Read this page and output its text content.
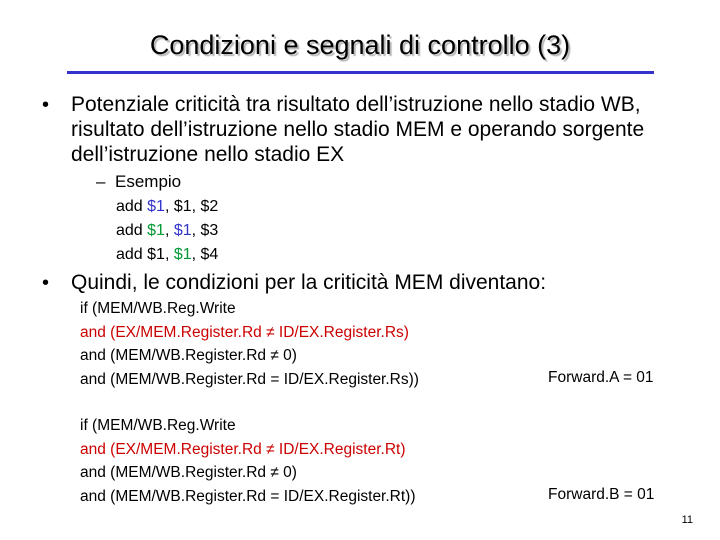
Condizioni e segnali di controllo (3)
• Potenziale criticità tra risultato dell’istruzione nello stadio WB, risultato dell’istruzione nello stadio MEM e operando sorgente dell’istruzione nello stadio EX
– Esempio
add $1, $1, $2
add $1, $1, $3
add $1, $1, $4
• Quindi, le condizioni per la criticità MEM diventano:
if (MEM/WB.Reg.Write
and (EX/MEM.Register.Rd ≠ ID/EX.Register.Rs)
and (MEM/WB.Register.Rd ≠ 0)
and (MEM/WB.Register.Rd = ID/EX.Register.Rs))	Forward.A = 01
if (MEM/WB.Reg.Write
and (EX/MEM.Register.Rd ≠ ID/EX.Register.Rt)
and (MEM/WB.Register.Rd ≠ 0)
and (MEM/WB.Register.Rd = ID/EX.Register.Rt))	Forward.B = 01
11
